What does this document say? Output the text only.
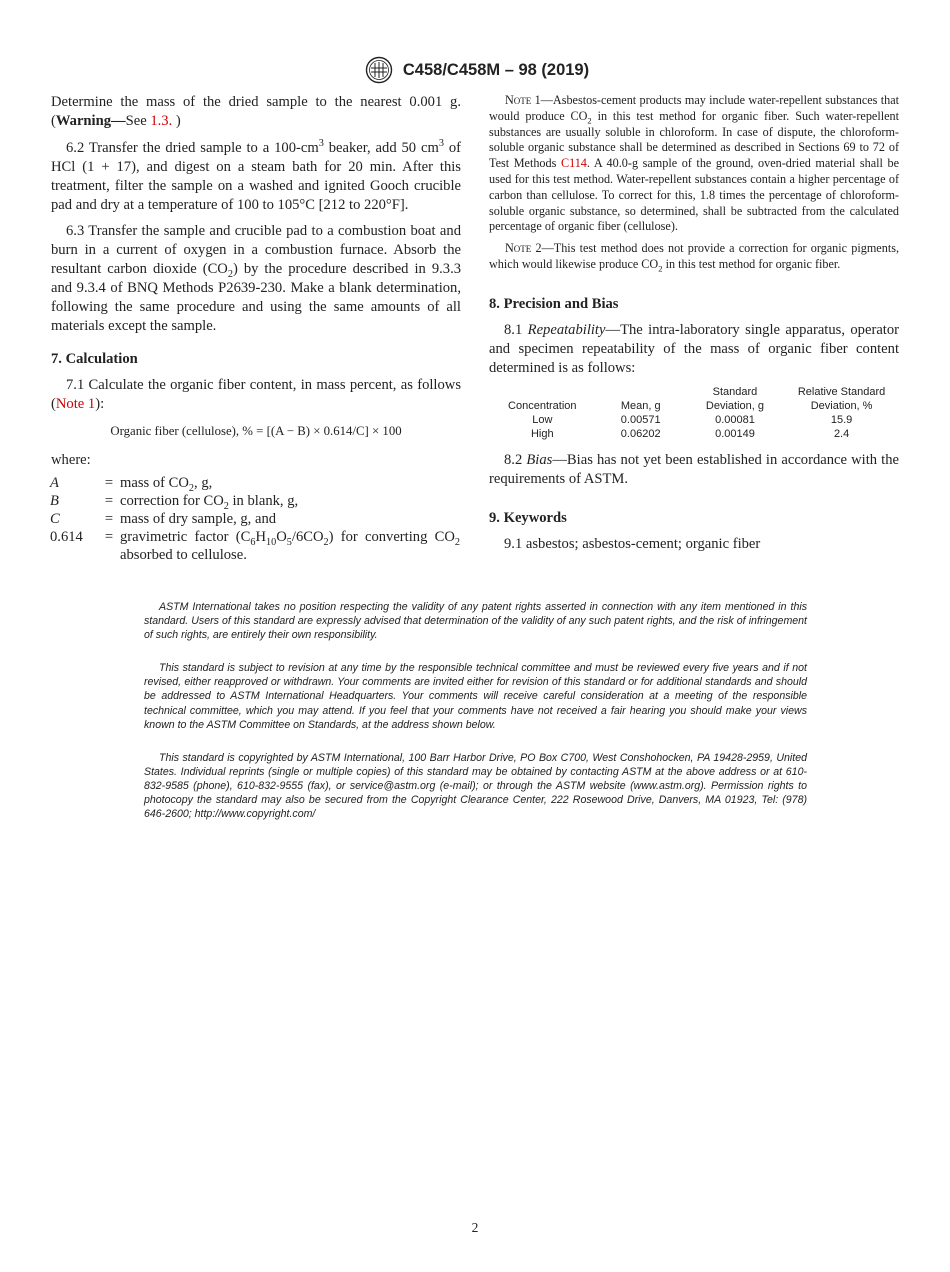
C458/C458M – 98 (2019)

Determine the mass of the dried sample to the nearest 0.001 g. (Warning—See 1.3. )

6.2 Transfer the dried sample to a $100-cm^3$ beaker, add 50 $cm^3$ of HCl (1 + 17), and digest on a steam bath for 20 min. After this treatment, filter the sample on a washed and ignited Gooch crucible pad and dry at a temperature of 100 to 105°C [212 to 220°F].

6.3 Transfer the sample and crucible pad to a combustion boat and burn in a current of oxygen in a combustion furnace. Absorb the resultant carbon dioxide $(CO_2)$ by the procedure described in 9.3.3 and 9.3.4 of BNQ Methods P2639-230. Make a blank determination, following the same procedure and using the same amounts of all materials except the sample.

7. Calculation

7.1 Calculate the organic fiber content, in mass percent, as follows (Note 1):

Organic fiber (cellulose), % = [(A − B) × 0.614/C] × 100
where:
A	=	mass of $CO_2$, g,
B	=	correction for $CO_2$ in blank, g,
C	=	mass of dry sample, g, and
0.614	=	gravimetric factor $(C_6H_{10}O_5/6CO_2)$ for converting $CO_2$ absorbed to cellulose.

Note 1—Asbestos-cement products may include water-repellent substances that would produce $CO_2$ in this test method for organic fiber. Such water-repellent substances are usually soluble in chloroform. In case of dispute, the chloroform-soluble organic substance shall be determined as described in Sections 69 to 72 of Test Methods C114. A 40.0-g sample of the ground, oven-dried material shall be used for this test method. Water-repellent substances contain a higher percentage of carbon than cellulose. To correct for this, 1.8 times the percentage of chloroform-soluble organic substance, so determined, shall be subtracted from the calculated percentage of organic fiber (cellulose).

Note 2—This test method does not provide a correction for organic pigments, which would likewise produce $CO_2$ in this test method for organic fiber.

8. Precision and Bias

8.1 Repeatability—The intra-laboratory single apparatus, operator and specimen repeatability of the mass of organic fiber content determined is as follows:

		Standard	Relative Standard
Concentration	Mean, g	Deviation, g	Deviation, %
Low	0.00571	0.00081	15.9
High	0.06202	0.00149	2.4

8.2 Bias—Bias has not yet been established in accordance with the requirements of ASTM.

9. Keywords

9.1 asbestos; asbestos-cement; organic fiber

ASTM International takes no position respecting the validity of any patent rights asserted in connection with any item mentioned in this standard. Users of this standard are expressly advised that determination of the validity of any such patent rights, and the risk of infringement of such rights, are entirely their own responsibility.

This standard is subject to revision at any time by the responsible technical committee and must be reviewed every five years and if not revised, either reapproved or withdrawn. Your comments are invited either for revision of this standard or for additional standards and should be addressed to ASTM International Headquarters. Your comments will receive careful consideration at a meeting of the responsible technical committee, which you may attend. If you feel that your comments have not received a fair hearing you should make your views known to the ASTM Committee on Standards, at the address shown below.

This standard is copyrighted by ASTM International, 100 Barr Harbor Drive, PO Box C700, West Conshohocken, PA 19428-2959, United States. Individual reprints (single or multiple copies) of this standard may be obtained by contacting ASTM at the above address or at 610-832-9585 (phone), 610-832-9555 (fax), or service@astm.org (e-mail); or through the ASTM website (www.astm.org). Permission rights to photocopy the standard may also be secured from the Copyright Clearance Center, 222 Rosewood Drive, Danvers, MA 01923, Tel: (978) 646-2600; http://www.copyright.com/

2
